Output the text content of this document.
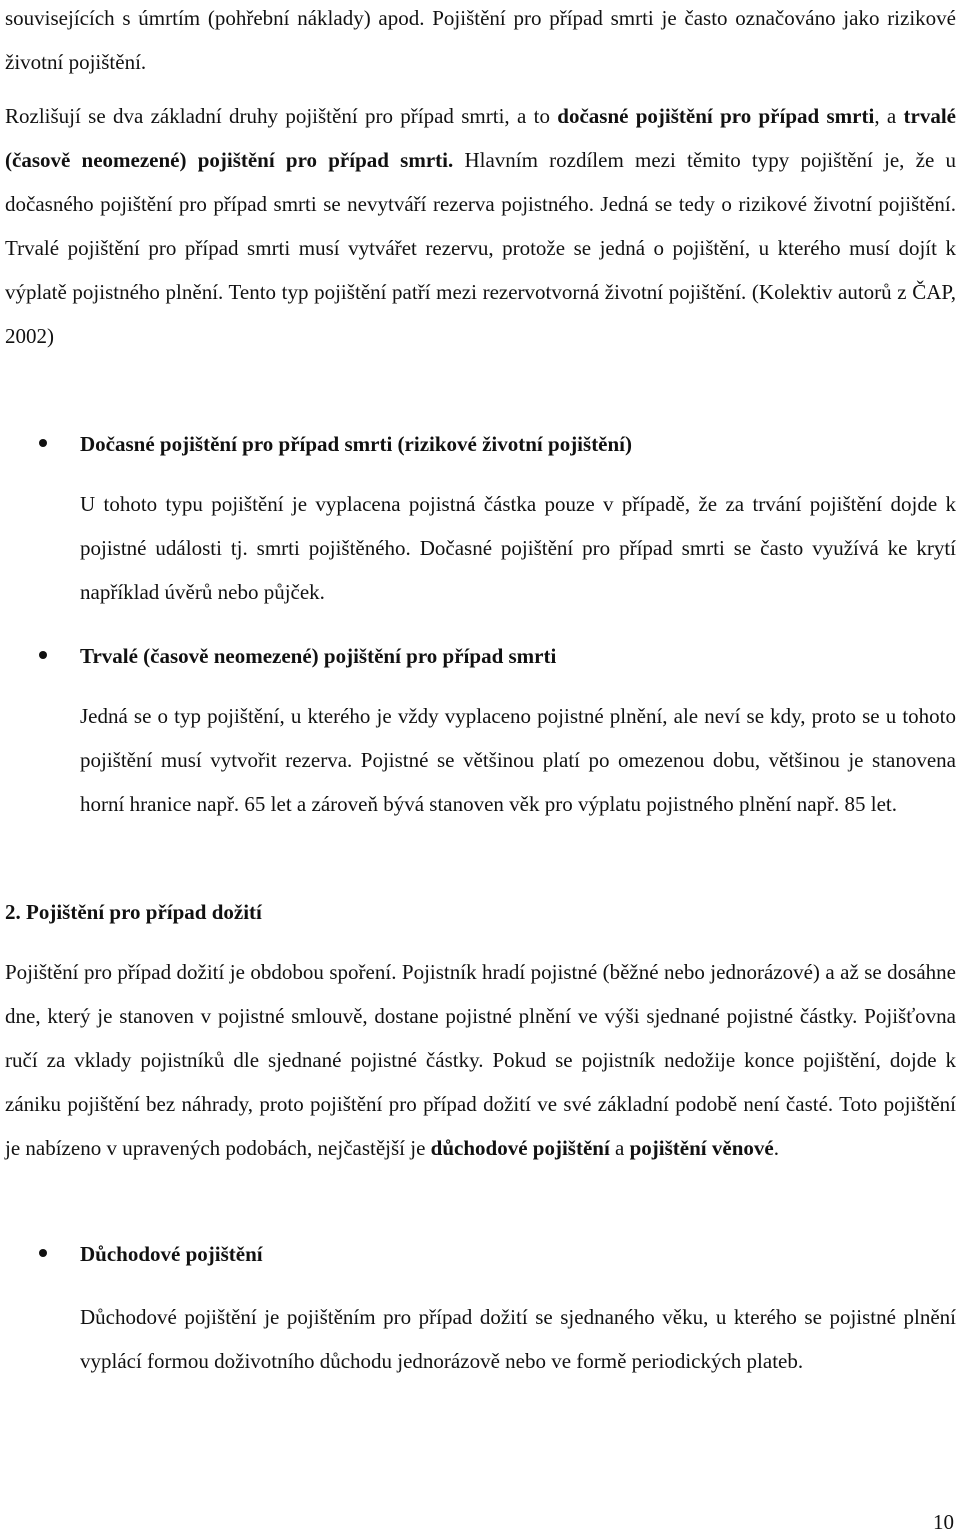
souvisejících s úmrtím (pohřební náklady) apod. Pojištění pro případ smrti je často označováno jako rizikové životní pojištění.

Rozlišují se dva základní druhy pojištění pro případ smrti, a to dočasné pojištění pro případ smrti, a trvalé (časově neomezené) pojištění pro případ smrti. Hlavním rozdílem mezi těmito typy pojištění je, že u dočasného pojištění pro případ smrti se nevytváří rezerva pojistného. Jedná se tedy o rizikové životní pojištění. Trvalé pojištění pro případ smrti musí vytvářet rezervu, protože se jedná o pojištění, u kterého musí dojít k výplatě pojistného plnění. Tento typ pojištění patří mezi rezervotvorná životní pojištění. (Kolektiv autorů z ČAP, 2002)

Dočasné pojištění pro případ smrti (rizikové životní pojištění)

U tohoto typu pojištění je vyplacena pojistná částka pouze v případě, že za trvání pojištění dojde k pojistné události tj. smrti pojištěného. Dočasné pojištění pro případ smrti se často využívá ke krytí například úvěrů nebo půjček.

Trvalé (časově neomezené) pojištění pro případ smrti

Jedná se o typ pojištění, u kterého je vždy vyplaceno pojistné plnění, ale neví se kdy, proto se u tohoto pojištění musí vytvořit rezerva. Pojistné se většinou platí po omezenou dobu, většinou je stanovena horní hranice např. 65 let a zároveň bývá stanoven věk pro výplatu pojistného plnění např. 85 let.

2. Pojištění pro případ dožití

Pojištění pro případ dožití je obdobou spoření. Pojistník hradí pojistné (běžné nebo jednorázové) a až se dosáhne dne, který je stanoven v pojistné smlouvě, dostane pojistné plnění ve výši sjednané pojistné částky. Pojišťovna ručí za vklady pojistníků dle sjednané pojistné částky. Pokud se pojistník nedožije konce pojištění, dojde k zániku pojištění bez náhrady, proto pojištění pro případ dožití ve své základní podobě není časté. Toto pojištění je nabízeno v upravených podobách, nejčastější je důchodové pojištění a pojištění věnové.

Důchodové pojištění

Důchodové pojištění je pojištěním pro případ dožití se sjednaného věku, u kterého se pojistné plnění vyplácí formou doživotního důchodu jednorázově nebo ve formě periodických plateb.

10
